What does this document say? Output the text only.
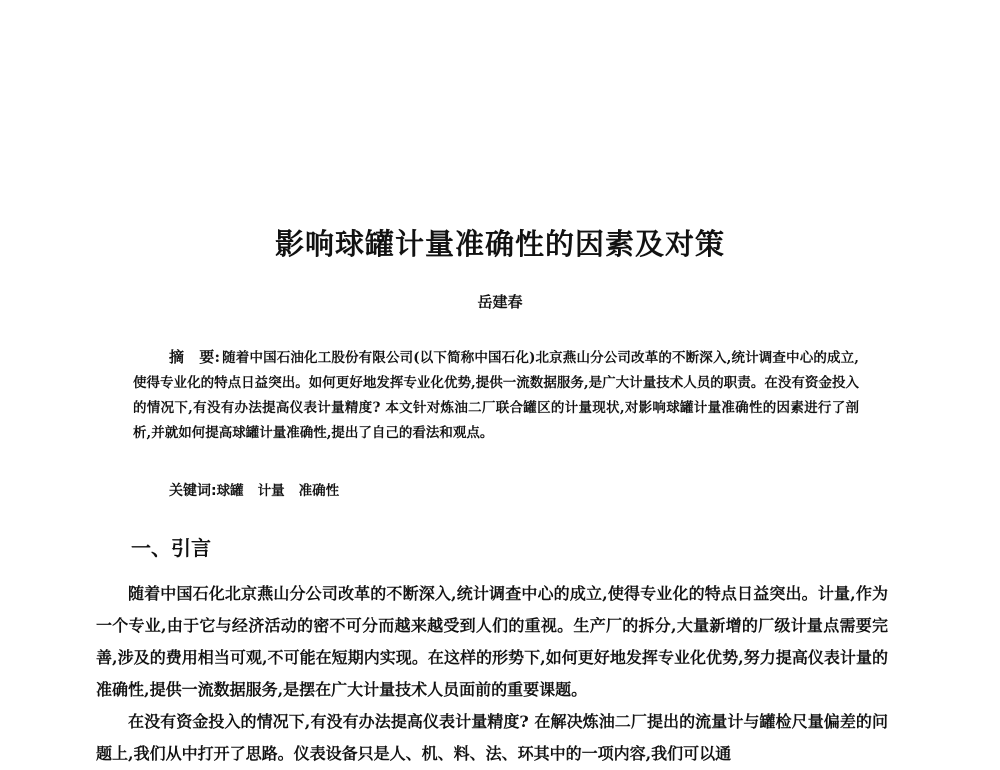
影响球罐计量准确性的因素及对策
岳建春
摘　要: 随着中国石油化工股份有限公司(以下简称中国石化)北京燕山分公司改革的不断深入,统计调查中心的成立,使得专业化的特点日益突出。如何更好地发挥专业化优势,提供一流数据服务,是广大计量技术人员的职责。在没有资金投入的情况下,有没有办法提高仪表计量精度? 本文针对炼油二厂联合罐区的计量现状,对影响球罐计量准确性的因素进行了剖析,并就如何提高球罐计量准确性,提出了自己的看法和观点。
关键词:球罐 计量 准确性
一、引言

随着中国石化北京燕山分公司改革的不断深入,统计调查中心的成立,使得专业化的特点日益突出。计量,作为一个专业,由于它与经济活动的密不可分而越来越受到人们的重视。生产厂的拆分,大量新增的厂级计量点需要完善,涉及的费用相当可观,不可能在短期内实现。在这样的形势下,如何更好地发挥专业化优势,努力提高仪表计量的准确性,提供一流数据服务,是摆在广大计量技术人员面前的重要课题。

在没有资金投入的情况下,有没有办法提高仪表计量精度? 在解决炼油二厂提出的流量计与罐检尺量偏差的问题上,我们从中打开了思路。仪表设备只是人、机、料、法、环其中的一项内容,我们可以通
